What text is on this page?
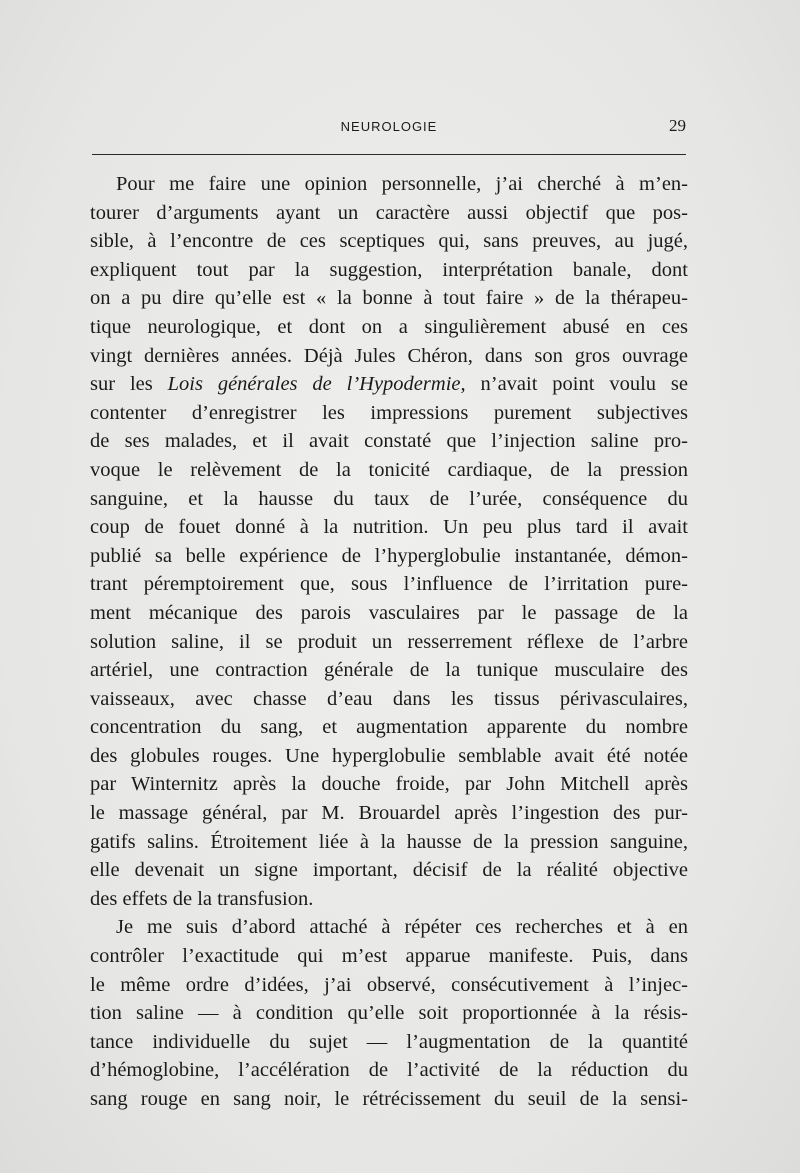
NEUROLOGIE	29
Pour me faire une opinion personnelle, j’ai cherché à m’en-
tourer d’arguments ayant un caractère aussi objectif que pos-
sible, à l’encontre de ces sceptiques qui, sans preuves, au jugé,
expliquent tout par la suggestion, interprétation banale, dont
on a pu dire qu’elle est « la bonne à tout faire » de la thérapeu-
tique neurologique, et dont on a singulièrement abusé en ces
vingt dernières années. Déjà Jules Chéron, dans son gros ouvrage
sur les Lois générales de l’Hypodermie, n’avait point voulu se
contenter d’enregistrer les impressions purement subjectives
de ses malades, et il avait constaté que l’injection saline pro-
voque le relèvement de la tonicité cardiaque, de la pression
sanguine, et la hausse du taux de l’urée, conséquence du
coup de fouet donné à la nutrition. Un peu plus tard il avait
publié sa belle expérience de l’hyperglobulie instantanée, démon-
trant péremptoirement que, sous l’influence de l’irritation pure-
ment mécanique des parois vasculaires par le passage de la
solution saline, il se produit un resserrement réflexe de l’arbre
artériel, une contraction générale de la tunique musculaire des
vaisseaux, avec chasse d’eau dans les tissus périvasculaires,
concentration du sang, et augmentation apparente du nombre
des globules rouges. Une hyperglobulie semblable avait été notée
par Winternitz après la douche froide, par John Mitchell après
le massage général, par M. Brouardel après l’ingestion des pur-
gatifs salins. Étroitement liée à la hausse de la pression sanguine,
elle devenait un signe important, décisif de la réalité objective
des effets de la transfusion.
Je me suis d’abord attaché à répéter ces recherches et à en
contrôler l’exactitude qui m’est apparue manifeste. Puis, dans
le même ordre d’idées, j’ai observé, consécutivement à l’injec-
tion saline — à condition qu’elle soit proportionnée à la résis-
tance individuelle du sujet — l’augmentation de la quantité
d’hémoglobine, l’accélération de l’activité de la réduction du
sang rouge en sang noir, le rétrécissement du seuil de la sensi-
